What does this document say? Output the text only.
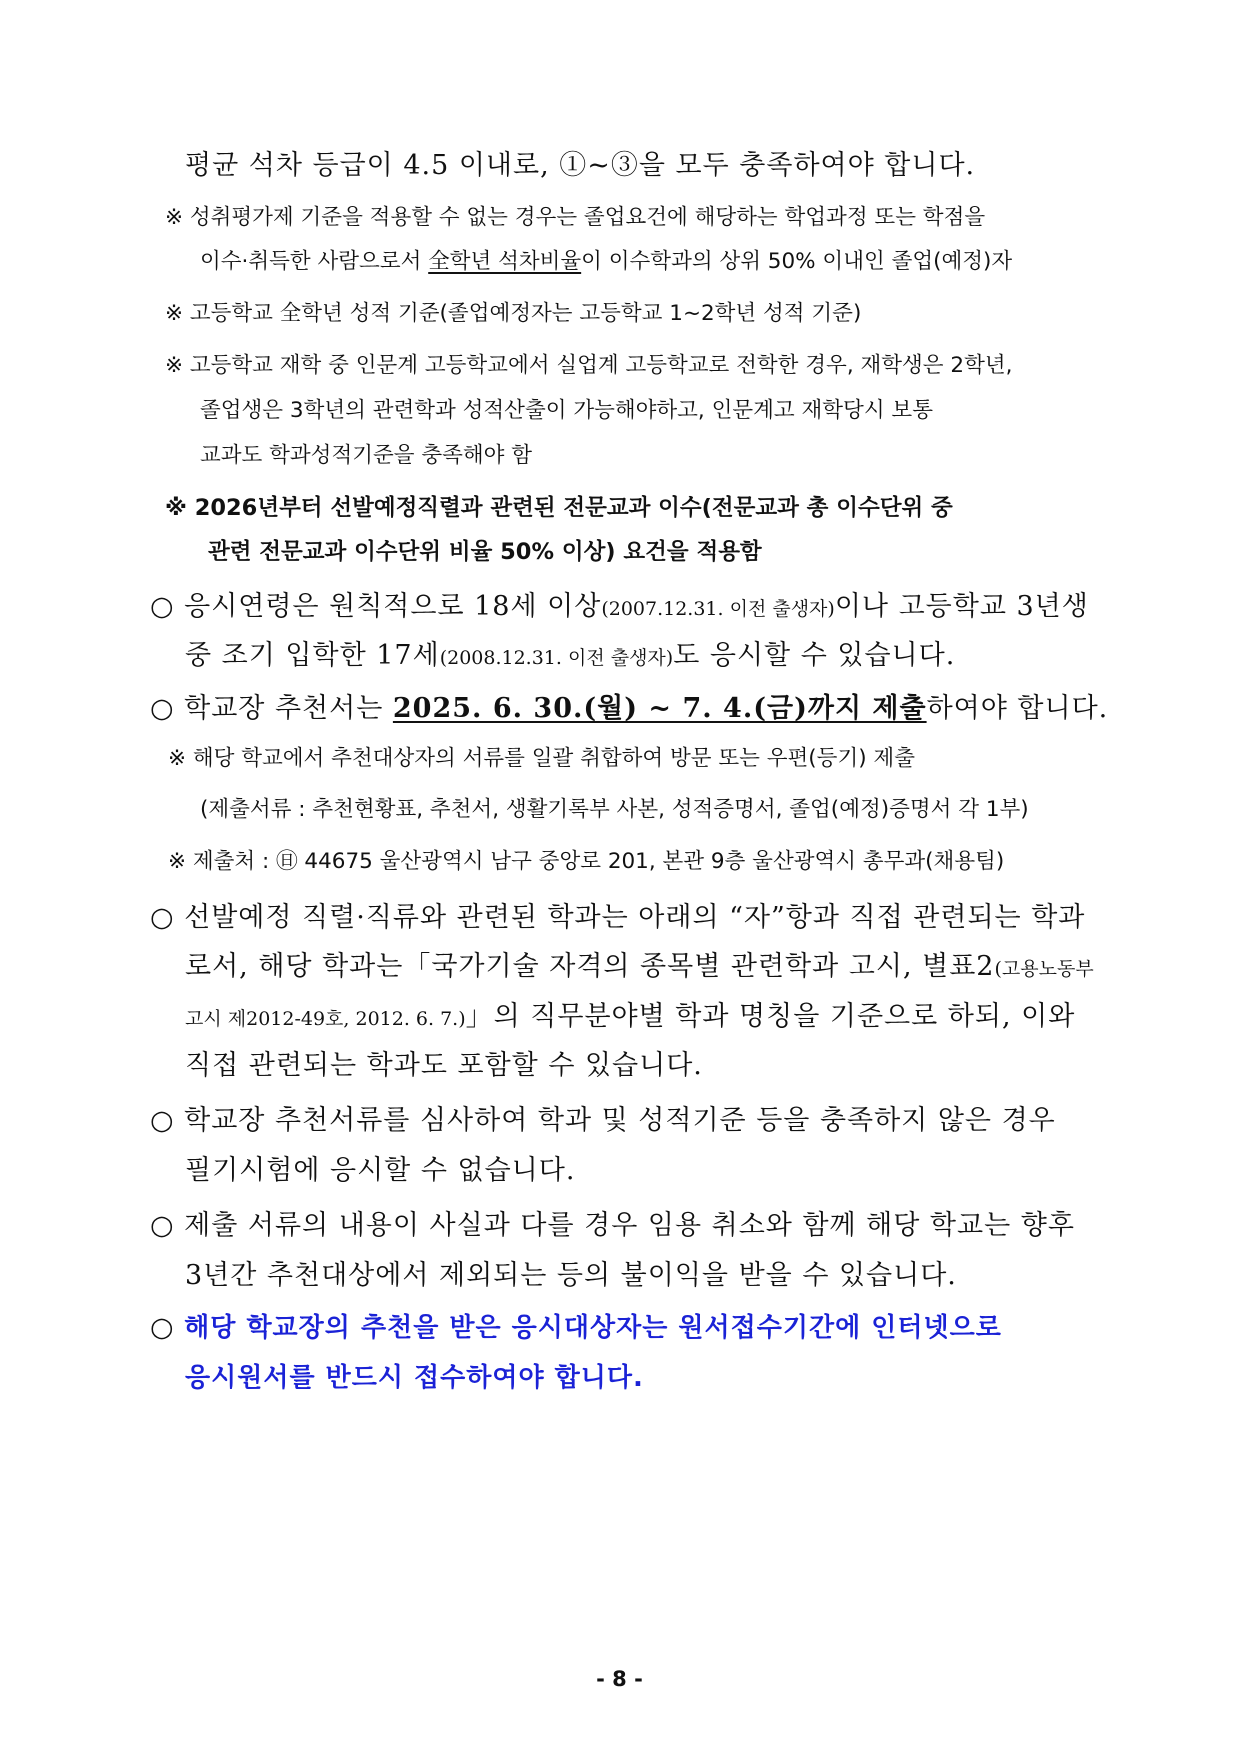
평균 석차 등급이 4.5 이내로, ①~③을 모두 충족하여야 합니다.
※ 성취평가제 기준을 적용할 수 없는 경우는 졸업요건에 해당하는 학업과정 또는 학점을
이수·취득한 사람으로서 全학년 석차비율이 이수학과의 상위 50% 이내인 졸업(예정)자
※ 고등학교 全학년 성적 기준(졸업예정자는 고등학교 1~2학년 성적 기준)
※ 고등학교 재학 중 인문계 고등학교에서 실업계 고등학교로 전학한 경우, 재학생은 2학년,
졸업생은 3학년의 관련학과 성적산출이 가능해야하고, 인문계고 재학당시 보통
교과도 학과성적기준을 충족해야 함
※ 2026년부터 선발예정직렬과 관련된 전문교과 이수(전문교과 총 이수단위 중
관련 전문교과 이수단위 비율 50% 이상) 요건을 적용함
○ 응시연령은 원칙적으로 18세 이상(2007.12.31. 이전 출생자)이나 고등학교 3년생
중 조기 입학한 17세(2008.12.31. 이전 출생자)도 응시할 수 있습니다.
○ 학교장 추천서는 2025. 6. 30.(월) ~ 7. 4.(금)까지 제출하여야 합니다.
※ 해당 학교에서 추천대상자의 서류를 일괄 취합하여 방문 또는 우편(등기) 제출
(제출서류 : 추천현황표, 추천서, 생활기록부 사본, 성적증명서, 졸업(예정)증명서 각 1부)
※ 제출처 : ㊐ 44675 울산광역시 남구 중앙로 201, 본관 9층 울산광역시 총무과(채용팀)
○ 선발예정 직렬·직류와 관련된 학과는 아래의 “자”항과 직접 관련되는 학과
로서, 해당 학과는「국가기술 자격의 종목별 관련학과 고시, 별표2(고용노동부
고시 제2012-49호, 2012. 6. 7.)」의 직무분야별 학과 명칭을 기준으로 하되, 이와
직접 관련되는 학과도 포함할 수 있습니다.
○ 학교장 추천서류를 심사하여 학과 및 성적기준 등을 충족하지 않은 경우
필기시험에 응시할 수 없습니다.
○ 제출 서류의 내용이 사실과 다를 경우 임용 취소와 함께 해당 학교는 향후
3년간 추천대상에서 제외되는 등의 불이익을 받을 수 있습니다.
○ 해당 학교장의 추천을 받은 응시대상자는 원서접수기간에 인터넷으로
응시원서를 반드시 접수하여야 합니다.
- 8 -
